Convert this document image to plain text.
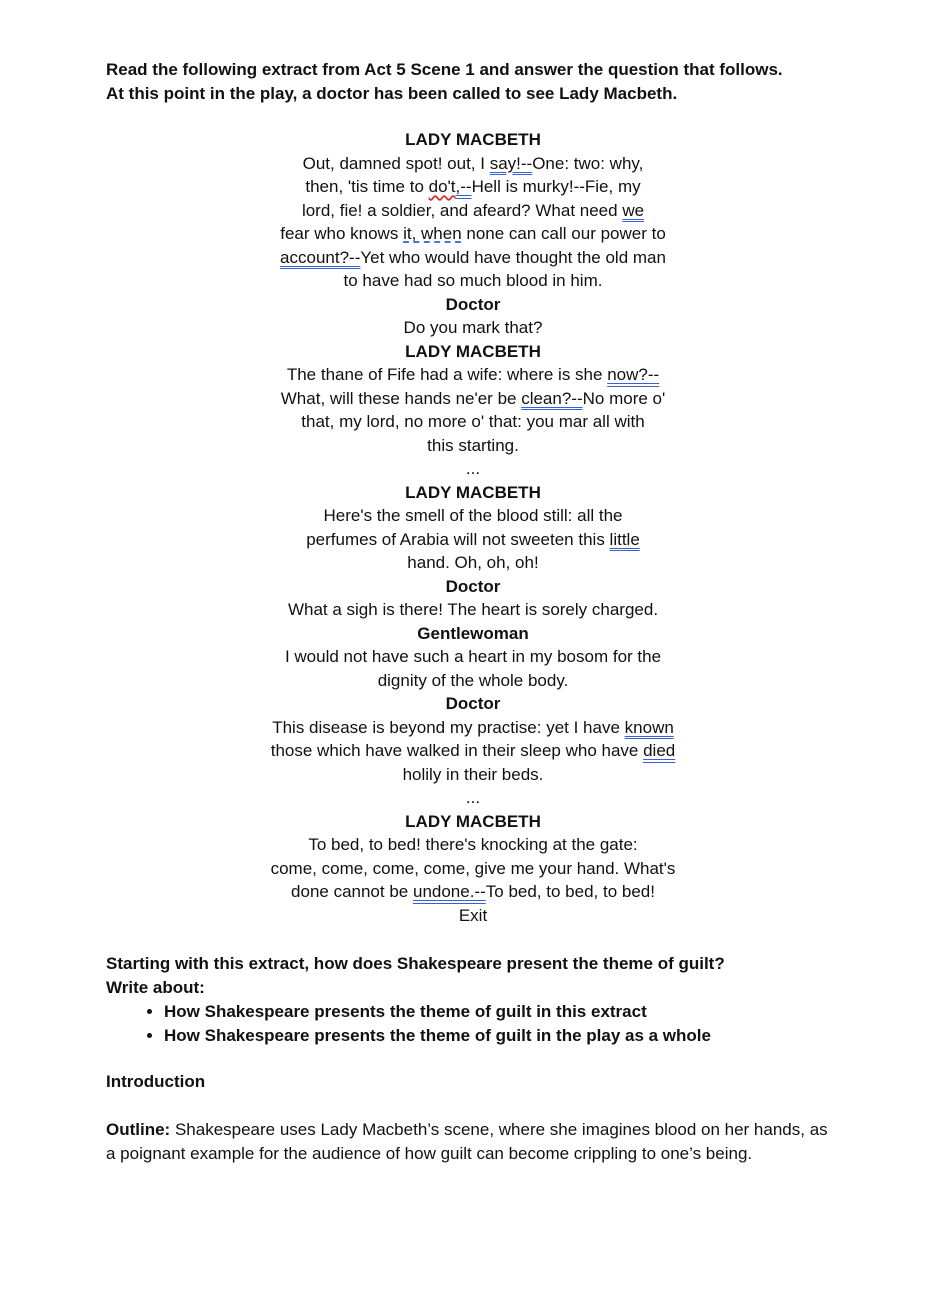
Read the following extract from Act 5 Scene 1 and answer the question that follows.

At this point in the play, a doctor has been called to see Lady Macbeth.

LADY MACBETH
Out, damned spot! out, I say!--One: two: why,
then, 'tis time to do't,--Hell is murky!--Fie, my
lord, fie! a soldier, and afeard? What need we
fear who knows it, when none can call our power to
account?--Yet who would have thought the old man
to have had so much blood in him.
Doctor
Do you mark that?
LADY MACBETH
The thane of Fife had a wife: where is she now?--
What, will these hands ne'er be clean?--No more o'
that, my lord, no more o' that: you mar all with
this starting.
...
LADY MACBETH
Here's the smell of the blood still: all the
perfumes of Arabia will not sweeten this little
hand. Oh, oh, oh!
Doctor
What a sigh is there! The heart is sorely charged.
Gentlewoman
I would not have such a heart in my bosom for the
dignity of the whole body.
Doctor
This disease is beyond my practise: yet I have known
those which have walked in their sleep who have died
holily in their beds.
...
LADY MACBETH
To bed, to bed! there's knocking at the gate:
come, come, come, come, give me your hand. What's
done cannot be undone.--To bed, to bed, to bed!
Exit

Starting with this extract, how does Shakespeare present the theme of guilt?

Write about:

• How Shakespeare presents the theme of guilt in this extract
• How Shakespeare presents the theme of guilt in the play as a whole
Introduction
Outline: Shakespeare uses Lady Macbeth’s scene, where she imagines blood on her hands, as a poignant example for the audience of how guilt can become crippling to one’s being.
